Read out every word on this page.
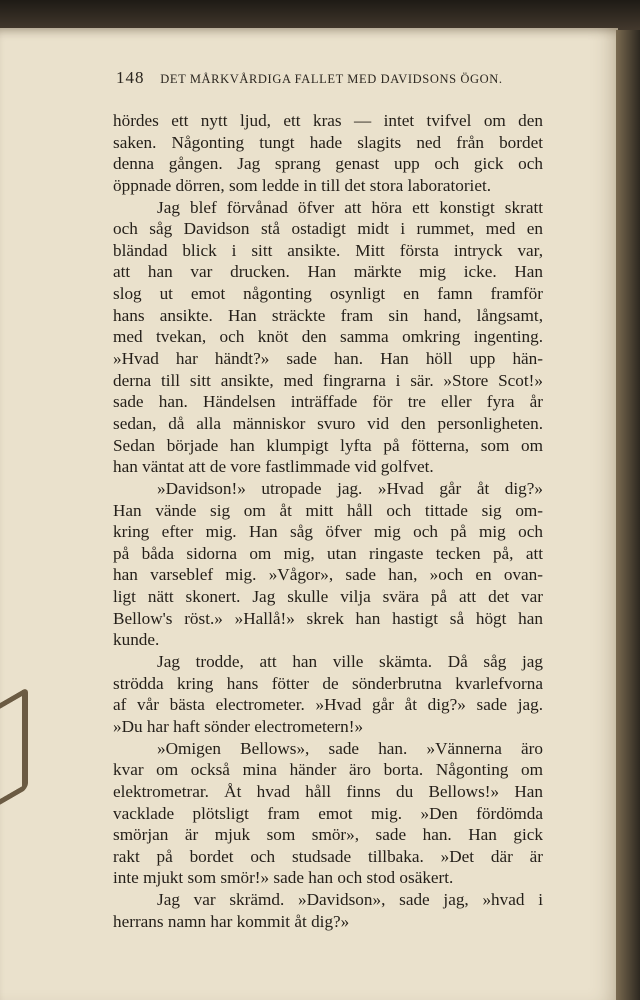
148 DET MÅRKVÅRDIGA FALLET MED DAVIDSONS ÖGON.
hördes ett nytt ljud, ett kras — intet tvifvel om den
saken. Någonting tungt hade slagits ned från bordet
denna gången. Jag sprang genast upp och gick och
öppnade dörren, som ledde in till det stora laboratoriet.
Jag blef förvånad öfver att höra ett konstigt skratt
och såg Davidson stå ostadigt midt i rummet, med en
bländad blick i sitt ansikte. Mitt första intryck var,
att han var drucken. Han märkte mig icke. Han
slog ut emot någonting osynligt en famn framför
hans ansikte. Han sträckte fram sin hand, långsamt,
med tvekan, och knöt den samma omkring ingenting.
»Hvad har händt?» sade han. Han höll upp hän-
derna till sitt ansikte, med fingrarna i sär. »Store Scot!»
sade han. Händelsen inträffade för tre eller fyra år
sedan, då alla människor svuro vid den personligheten.
Sedan började han klumpigt lyfta på fötterna, som om
han väntat att de vore fastlimmade vid golfvet.
»Davidson!» utropade jag. »Hvad går åt dig?»
Han vände sig om åt mitt håll och tittade sig om-
kring efter mig. Han såg öfver mig och på mig och
på båda sidorna om mig, utan ringaste tecken på, att
han varseblef mig. »Vågor», sade han, »och en ovan-
ligt nätt skonert. Jag skulle vilja svära på att det var
Bellow's röst.» »Hallå!» skrek han hastigt så högt han
kunde.
Jag trodde, att han ville skämta. Då såg jag
strödda kring hans fötter de sönderbrutna kvarlefvorna
af vår bästa electrometer. »Hvad går åt dig?» sade jag.
»Du har haft sönder electrometern!»
»Omigen Bellows», sade han. »Vännerna äro
kvar om också mina händer äro borta. Någonting om
elektrometrar. Åt hvad håll finns du Bellows!» Han
vacklade plötsligt fram emot mig. »Den fördömda
smörjan är mjuk som smör», sade han. Han gick
rakt på bordet och studsade tillbaka. »Det där är
inte mjukt som smör!» sade han och stod osäkert.
Jag var skrämd. »Davidson», sade jag, »hvad i
herrans namn har kommit åt dig?»
